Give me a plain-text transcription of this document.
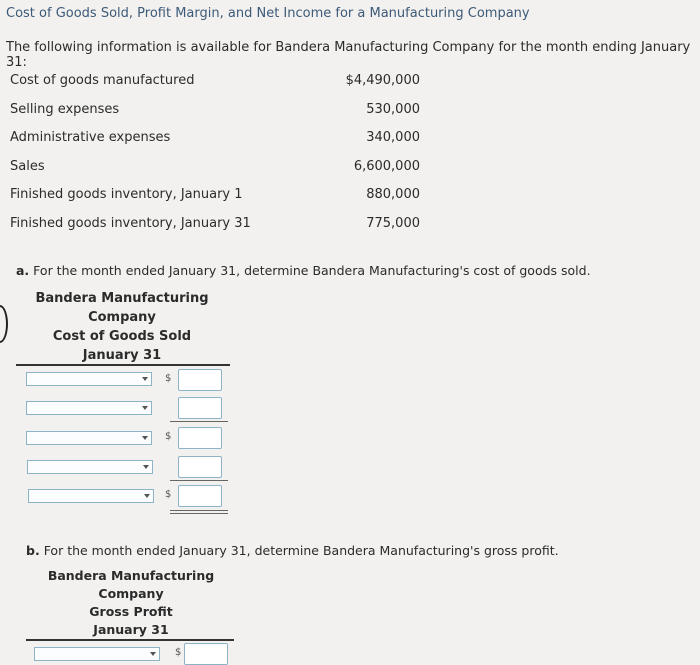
Cost of Goods Sold, Profit Margin, and Net Income for a Manufacturing Company
The following information is available for Bandera Manufacturing Company for the month ending January 31:
Cost of goods manufactured	$4,490,000
Selling expenses	530,000
Administrative expenses	340,000
Sales	6,600,000
Finished goods inventory, January 1	880,000
Finished goods inventory, January 31	775,000
a. For the month ended January 31, determine Bandera Manufacturing's cost of goods sold.
Bandera Manufacturing
Company
Cost of Goods Sold
January 31
$
$
$
b. For the month ended January 31, determine Bandera Manufacturing's gross profit.
Bandera Manufacturing
Company
Gross Profit
January 31
$
